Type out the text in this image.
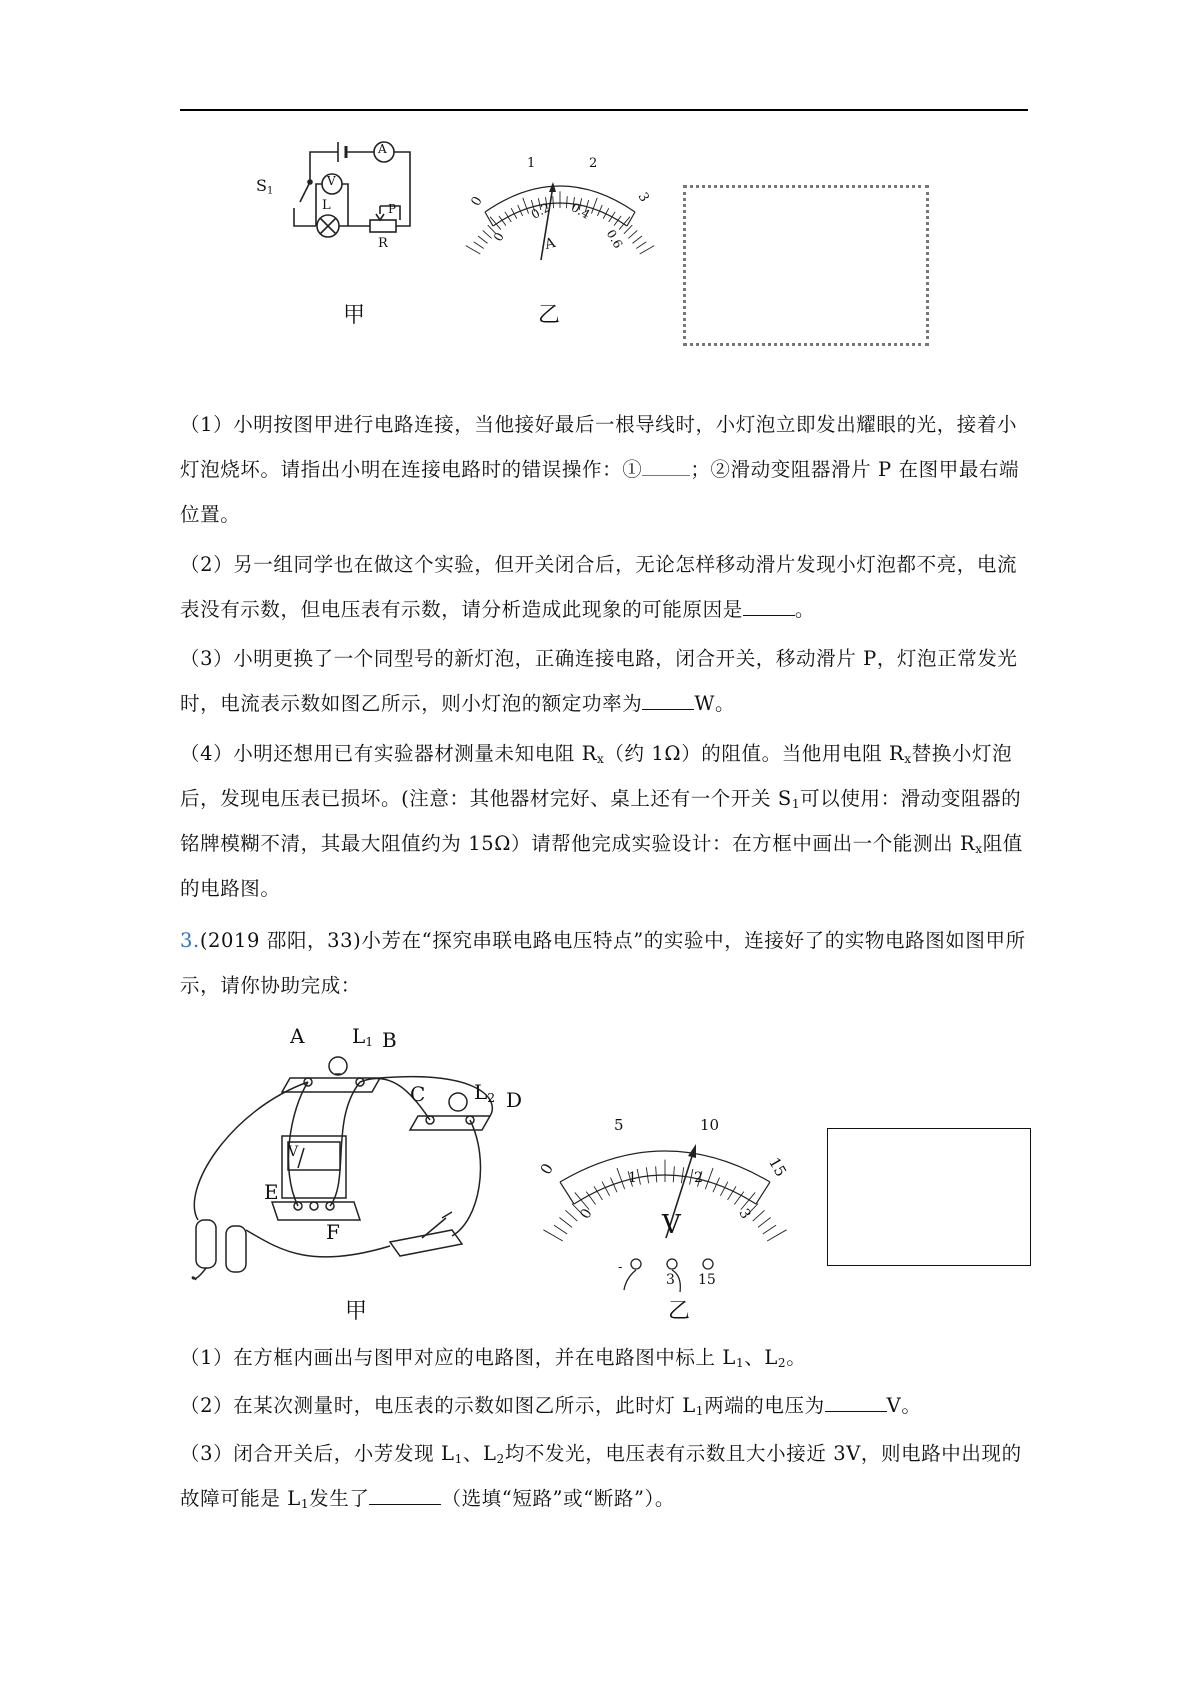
$S_1$
A
V
L
R
P
甲
0
1	2
3
0
0.2 0.4
0.6
A
乙
（1）小明按图甲进行电路连接，当他接好最后一根导线时，小灯泡立即发出耀眼的光，接着小灯泡烧坏。请指出小明在连接电路时的错误操作：① ；②滑动变阻器滑片 P 在图甲最右端位置。
（2）另一组同学也在做这个实验，但开关闭合后，无论怎样移动滑片发现小灯泡都不亮，电流表没有示数，但电压表有示数，请分析造成此现象的可能原因是	。
（3）小明更换了一个同型号的新灯泡，正确连接电路，闭合开关，移动滑片 P，灯泡正常发光时，电流表示数如图乙所示，则小灯泡的额定功率为	W。
（4）小明还想用已有实验器材测量未知电阻 $R_x$（约 1Ω）的阻值。当他用电阻 $R_x$替换小灯泡后，发现电压表已损坏。(注意：其他器材完好、桌上还有一个开关 $S_1$可以使用：滑动变阻器的铭牌模糊不清，其最大阻值约为 15Ω）请帮他完成实验设计：在方框中画出一个能测出 $R_x$阻值的电路图。
3.(2019 邵阳，33)小芳在“探究串联电路电压特点”的实验中，连接好了的实物电路图如图甲所示，请你协助完成：
A $L_1$ B
C $L_2$ D
V
E
F
甲
0
5	10
15
0
1	2
3
V
-
3 15
乙
（1）在方框内画出与图甲对应的电路图，并在电路图中标上 $L_1$、$L_2$。
（2）在某次测量时，电压表的示数如图乙所示，此时灯 $L_1$两端的电压为	V。
（3）闭合开关后，小芳发现 $L_1$、$L_2$均不发光，电压表有示数且大小接近 3V，则电路中出现的故障可能是 $L_1$发生了	（选填“短路”或“断路”）。
